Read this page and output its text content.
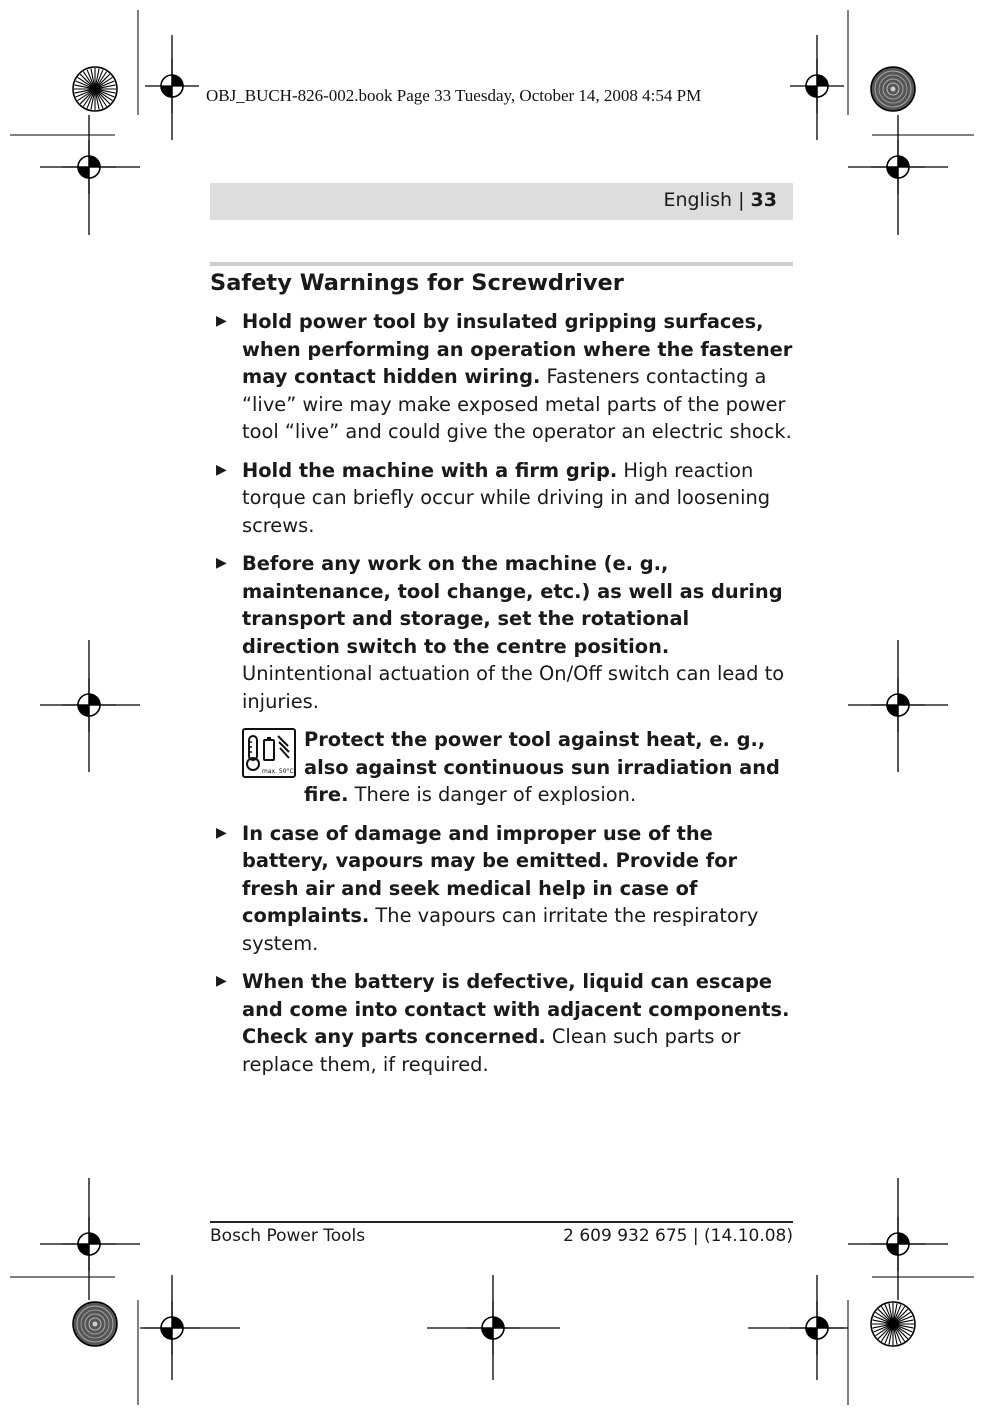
OBJ_BUCH-826-002.book Page 33 Tuesday, October 14, 2008 4:54 PM

English | 33

Safety Warnings for Screwdriver
▶ Hold power tool by insulated gripping surfaces, when performing an operation where the fastener may contact hidden wiring. Fasteners contacting a “live” wire may make exposed metal parts of the power tool “live” and could give the operator an electric shock.
▶ Hold the machine with a firm grip. High reaction torque can briefly occur while driving in and loosening screws.
▶ Before any work on the machine (e. g., maintenance, tool change, etc.) as well as during transport and storage, set the rotational direction switch to the centre position. Unintentional actuation of the On/Off switch can lead to injuries.
max. 50°C
Protect the power tool against heat, e. g., also against continuous sun irradiation and fire. There is danger of explosion.
▶ In case of damage and improper use of the battery, vapours may be emitted. Provide for fresh air and seek medical help in case of complaints. The vapours can irritate the respiratory system.
▶ When the battery is defective, liquid can escape and come into contact with adjacent components. Check any parts concerned. Clean such parts or replace them, if required.

Bosch Power Tools	2 609 932 675 | (14.10.08)
